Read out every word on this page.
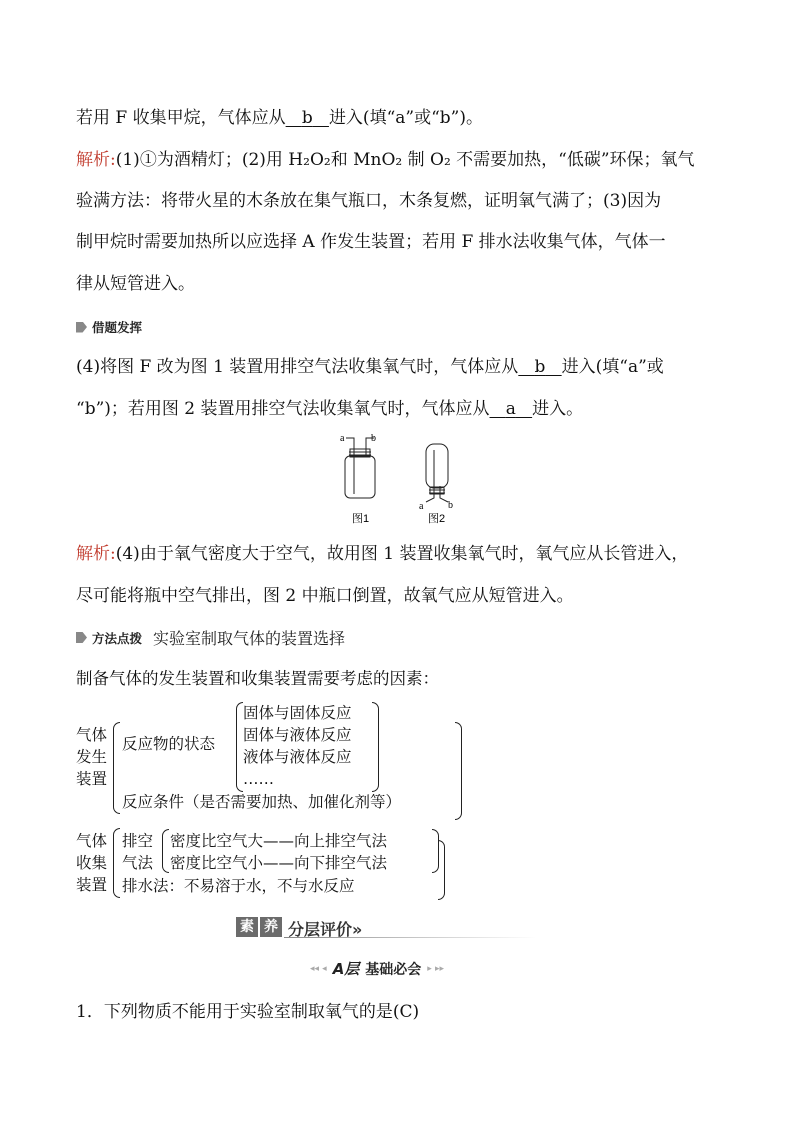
若用 F 收集甲烷，气体应从 b 进入(填“a”或“b”)。
解析:(1)①为酒精灯；(2)用 H₂O₂和 MnO₂ 制 O₂ 不需要加热，“低碳”环保；氧气
验满方法：将带火星的木条放在集气瓶口，木条复燃，证明氧气满了；(3)因为
制甲烷时需要加热所以应选择 A 作发生装置；若用 F 排水法收集气体，气体一
律从短管进入。
借题发挥
(4)将图 F 改为图 1 装置用排空气法收集氧气时，气体应从 b 进入(填“a”或
“b”)；若用图 2 装置用排空气法收集氧气时，气体应从 a 进入。
a	b
图1
a b
图2
解析:(4)由于氧气密度大于空气，故用图 1 装置收集氧气时，氧气应从长管进入，
尽可能将瓶中空气排出，图 2 中瓶口倒置，故氧气应从短管进入。
方法点拨 实验室制取气体的装置选择
制备气体的发生装置和收集装置需要考虑的因素：
气体
发生
装置
反应物的状态
固体与固体反应
固体与液体反应
液体与液体反应
……
反应条件（是否需要加热、加催化剂等）
气体
收集
装置
排空
气法
密度比空气大——向上排空气法
密度比空气小——向下排空气法
排水法：不易溶于水，不与水反应
素 养 分层评价»
◂◂ ◂ A层 基础必会 ▸ ▸▸
1．下列物质不能用于实验室制取氧气的是(C)
